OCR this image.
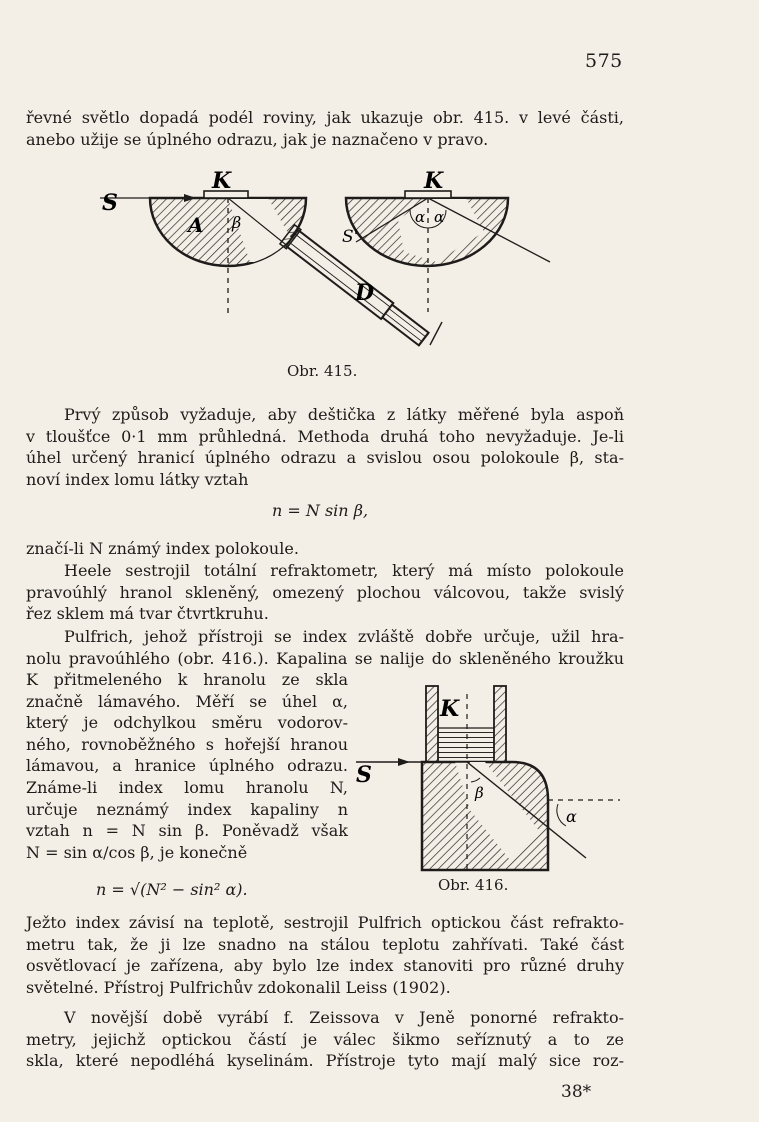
575

řevné světlo dopadá podél roviny, jak ukazuje obr. 415. v levé části,
anebo užije se úplného odrazu, jak je naznačeno v pravo.

S
K
A β
K
S'
α α
D
Obr. 415.

Prvý způsob vyžaduje, aby deštička z látky měřené byla aspoň
v tloušťce 0·1 mm průhledná. Methoda druhá toho nevyžaduje. Je-li
úhel určený hranicí úplného odrazu a svislou osou polokoule β, sta-
noví index lomu látky vztah

n = N sin β,

značí-li N známý index polokoule.

Heele sestrojil totální refraktometr, který má místo polokoule
pravoúhlý hranol skleněný, omezený plochou válcovou, takže svislý
řez sklem má tvar čtvrtkruhu.

Pulfrich, jehož přístroji se index zvláště dobře určuje, užil hra-
nolu pravoúhlého (obr. 416.). Kapalina se nalije do skleněného kroužku

K přitmeleného k hranolu ze skla
značně lámavého. Měří se úhel α,
který je odchylkou směru vodorov-
ného, rovnoběžného s hořejší hranou
lámavou, a hranice úplného odrazu.
Známe-li index lomu hranolu N,
určuje neznámý index kapaliny n
vztah n = N sin β. Poněvadž však
N = sin α/cos β, je konečně

n = √(N² − sin² α).
K
S
β
α
Obr. 416.

Ježto index závisí na teplotě, sestrojil Pulfrich optickou část refrakto-
metru tak, že ji lze snadno na stálou teplotu zahřívati. Také část
osvětlovací je zařízena, aby bylo lze index stanoviti pro různé druhy
světelné. Přístroj Pulfrichův zdokonalil Leiss (1902).

V novější době vyrábí f. Zeissova v Jeně ponorné refrakto-
metry, jejichž optickou částí je válec šikmo seříznutý a to ze
skla, které nepodléhá kyselinám. Přístroje tyto mají malý sice roz-

38*
